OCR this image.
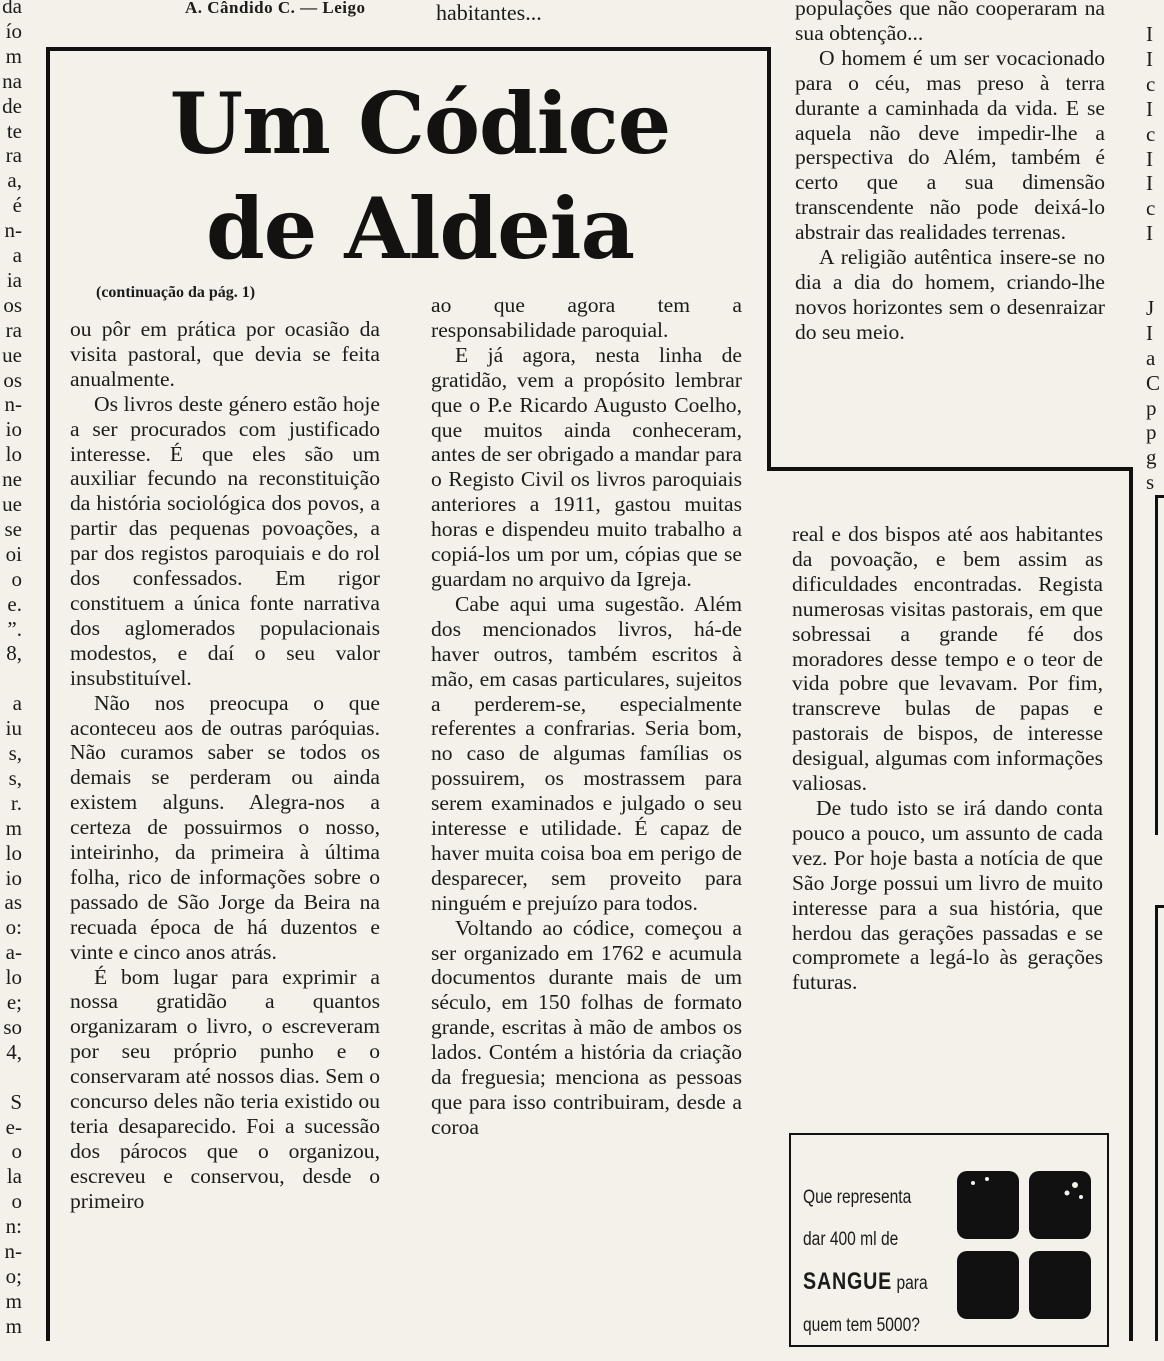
A. Cândido C. — Leigo	habitantes...
da
ío
m
na
de
te
ra
a,
é
n-
a
ia
os
ra
ue
os
n-
io
lo
ne
ue
se
oi
o
e.
”.
8,
a
iu
s,
s,
r.
m
lo
io
as
o:
a-
lo
e;
so
4,
S
e-
o
la
o
n:
n-
o;
m
m
I
I
c
I
c
I
I
c
I
J
I
a
C
p
p
g
s
Um Códice
de Aldeia
(continuação da pág. 1)

ou pôr em prática por ocasião da visita pastoral, que devia se feita anualmente.

Os livros deste género estão hoje a ser procurados com justificado interesse. É que eles são um auxiliar fecundo na reconstituição da história sociológica dos povos, a partir das pequenas povoações, a par dos registos paroquiais e do rol dos confessados. Em rigor constituem a única fonte narrativa dos aglomerados populacionais modestos, e daí o seu valor insubstituível.

Não nos preocupa o que aconteceu aos de outras paróquias. Não curamos saber se todos os demais se perderam ou ainda existem alguns. Alegra-nos a certeza de possuirmos o nosso, inteirinho, da primeira à última folha, rico de informações sobre o passado de São Jorge da Beira na recuada época de há duzentos e vinte e cinco anos atrás.

É bom lugar para exprimir a nossa gratidão a quantos organizaram o livro, o escreveram por seu próprio punho e o conservaram até nossos dias. Sem o concurso deles não teria existido ou teria desaparecido. Foi a sucessão dos párocos que o organizou, escreveu e conservou, desde o primeiro

ao que agora tem a responsabilidade paroquial.

E já agora, nesta linha de gratidão, vem a propósito lembrar que o P.e Ricardo Augusto Coelho, que muitos ainda conheceram, antes de ser obrigado a mandar para o Registo Civil os livros paroquiais anteriores a 1911, gastou muitas horas e dispendeu muito trabalho a copiá-los um por um, cópias que se guardam no arquivo da Igreja.

Cabe aqui uma sugestão. Além dos mencionados livros, há-de haver outros, também escritos à mão, em casas particulares, sujeitos a perderem-se, especialmente referentes a confrarias. Seria bom, no caso de algumas famílias os possuirem, os mostrassem para serem examinados e julgado o seu interesse e utilidade. É capaz de haver muita coisa boa em perigo de desparecer, sem proveito para ninguém e prejuízo para todos.

Voltando ao códice, começou a ser organizado em 1762 e acumula documentos durante mais de um século, em 150 folhas de formato grande, escritas à mão de ambos os lados. Contém a história da criação da freguesia; menciona as pessoas que para isso contribuiram, desde a coroa

real e dos bispos até aos habitantes da povoação, e bem assim as dificuldades encontradas. Regista numerosas visitas pastorais, em que sobressai a grande fé dos moradores desse tempo e o teor de vida pobre que levavam. Por fim, transcreve bulas de papas e pastorais de bispos, de interesse desigual, algumas com informações valiosas.

De tudo isto se irá dando conta pouco a pouco, um assunto de cada vez. Por hoje basta a notícia de que São Jorge possui um livro de muito interesse para a sua história, que herdou das gerações passadas e se compromete a legá-lo às gerações futuras.

populações que não cooperaram na sua obtenção...

O homem é um ser vocacionado para o céu, mas preso à terra durante a caminhada da vida. E se aquela não deve impedir-lhe a perspectiva do Além, também é certo que a sua dimensão transcendente não pode deixá-lo abstrair das realidades terrenas.

A religião autêntica insere-se no dia a dia do homem, criando-lhe novos horizontes sem o desenraizar do seu meio.

Que representa
dar 400 ml de
SANGUE para
quem tem 5000?
